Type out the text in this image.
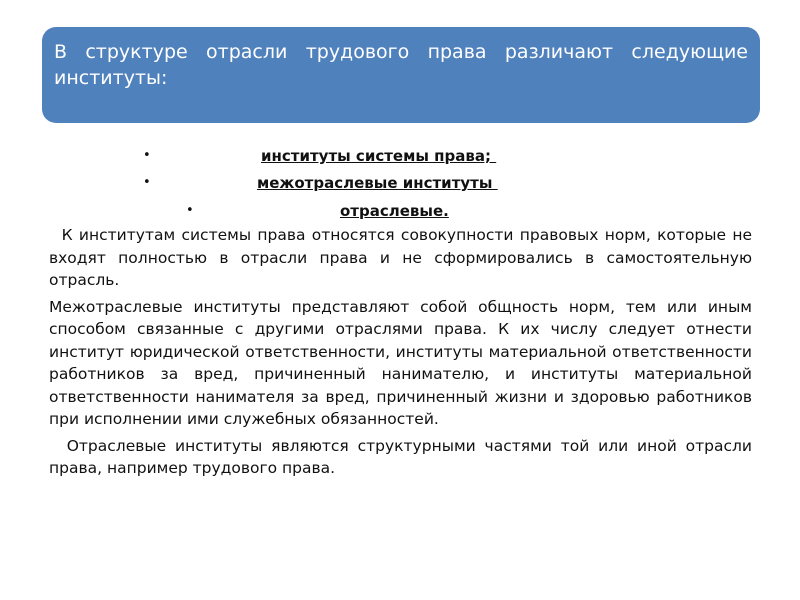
В структуре отрасли трудового права различают следующие институты:
•	институты системы права;
•	межотраслевые институты
•	отраслевые.

К институтам системы права относятся совокупности правовых норм, которые не входят полностью в отрасли права и не сформировались в самостоятельную отрасль.

Межотраслевые институты представляют собой общность норм, тем или иным способом связанные с другими отраслями права. К их числу следует отнести институт юридической ответственности, институты материальной ответственности работников за вред, причиненный нанимателю, и институты материальной ответственности нанимателя за вред, причиненный жизни и здоровью работников при исполнении ими служебных обязанностей.

Отраслевые институты являются структурными частями той или иной отрасли права, например трудового права.
